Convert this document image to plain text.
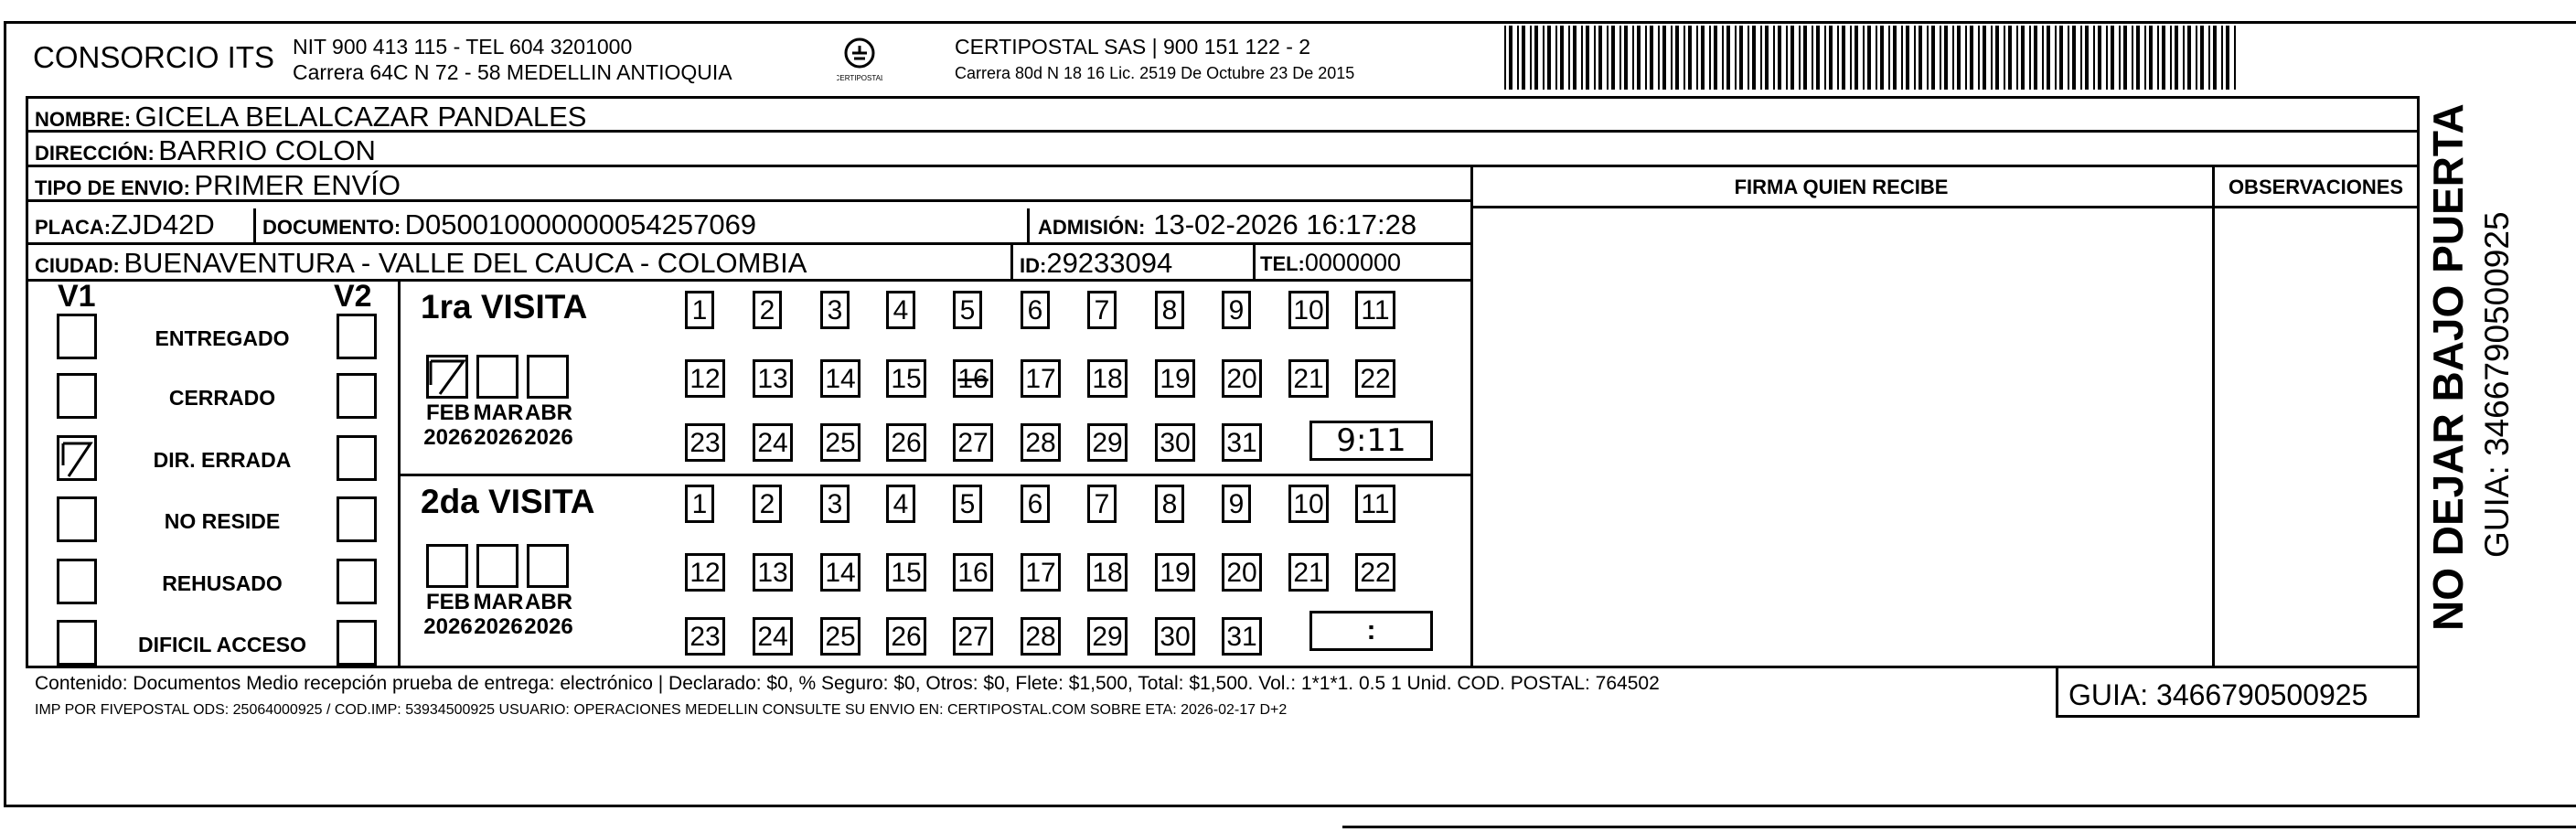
CONSORCIO ITS NIT 900 413 115 - TEL 604 3201000
Carrera 64C N 72 - 58 MEDELLIN ANTIOQUIA	CERTIPOSTAL
CERTIPOSTAL SAS | 900 151 122 - 2
Carrera 80d N 18 16 Lic. 2519 De Octubre 23 De 2015
NOMBRE: GICELA BELALCAZAR PANDALES
DIRECCIÓN: BARRIO COLON
TIPO DE ENVIO: PRIMER ENVÍO	FIRMA QUIEN RECIBE	OBSERVACIONES
PLACA:ZJD42D DOCUMENTO: D050010000000054257069	ADMISIÓN: 13-02-2026 16:17:28
CIUDAD: BUENAVENTURA - VALLE DEL CAUCA - COLOMBIA	ID:29233094	TEL:0000000
V1	V2
ENTREGADO
CERRADO
DIR. ERRADA
NO RESIDE
REHUSADO
DIFICIL ACCESO
1ra VISITA
2da VISITA
FEB
2026
MAR
2026
ABR
2026
FEB
2026
MAR
2026
ABR
2026
1 2 3 4 5 6 7 8 9 10 11
12 13 14 15 16 17 18 19 20 21 22
23 24 25 26 27 28 29 30 31
1 2 3 4 5 6 7 8 9 10 11
12 13 14 15 16 17 18 19 20 21 22
23 24 25 26 27 28 29 30 31
9:11
:
Contenido: Documentos Medio recepción prueba de entrega: electrónico | Declarado: $0, % Seguro: $0, Otros: $0, Flete: $1,500, Total: $1,500. Vol.: 1*1*1. 0.5 1 Unid. COD. POSTAL: 764502
IMP POR FIVEPOSTAL ODS: 25064000925 / COD.IMP: 53934500925 USUARIO: OPERACIONES MEDELLIN CONSULTE SU ENVIO EN: CERTIPOSTAL.COM SOBRE ETA: 2026-02-17 D+2	GUIA: 3466790500925
NO DEJAR BAJO PUERTA GUIA: 3466790500925
